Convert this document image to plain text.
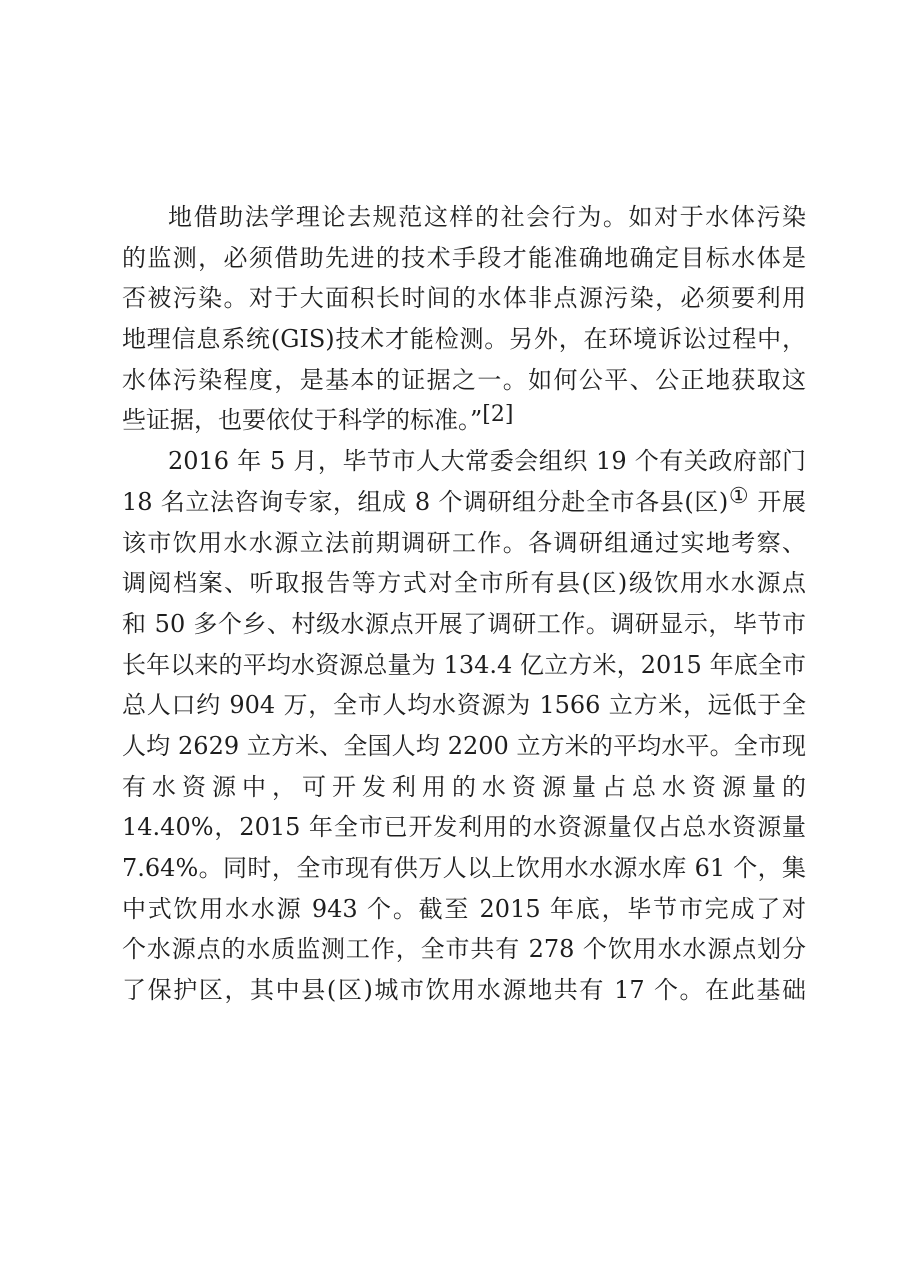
地借助法学理论去规范这样的社会行为。如对于水体污染
的监测，必须借助先进的技术手段才能准确地确定目标水体是
否被污染。对于大面积长时间的水体非点源污染，必须要利用
地理信息系统(GIS)技术才能检测。另外，在环境诉讼过程中，
水体污染程度，是基本的证据之一。如何公平、公正地获取这
些证据，也要依仗于科学的标准。”[2]
2016 年 5 月，毕节市人大常委会组织 19 个有关政府部门
18 名立法咨询专家，组成 8 个调研组分赴全市各县(区)① 开展
该市饮用水水源立法前期调研工作。各调研组通过实地考察、
调阅档案、听取报告等方式对全市所有县(区)级饮用水水源点
和 50 多个乡、村级水源点开展了调研工作。调研显示，毕节市
长年以来的平均水资源总量为 134.4 亿立方米，2015 年底全市
总人口约 904 万，全市人均水资源为 1566 立方米，远低于全
人均 2629 立方米、全国人均 2200 立方米的平均水平。全市现
有水资源中，可开发利用的水资源量占总水资源量的
14.40%，2015 年全市已开发利用的水资源量仅占总水资源量
7.64%。同时，全市现有供万人以上饮用水水源水库 61 个，集
中式饮用水水源 943 个。截至 2015 年底，毕节市完成了对
个水源点的水质监测工作，全市共有 278 个饮用水水源点划分
了保护区，其中县(区)城市饮用水源地共有 17 个。在此基础
